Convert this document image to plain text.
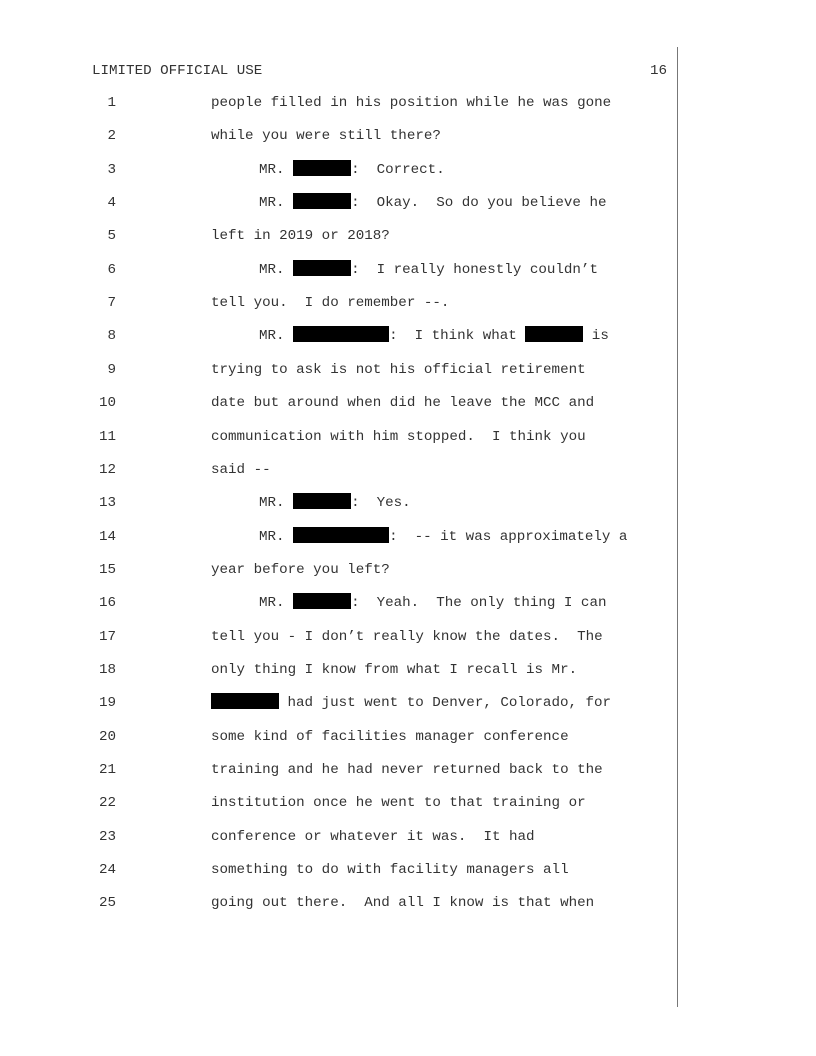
LIMITED OFFICIAL USE	16
1	people filled in his position while he was gone
2	while you were still there?
3	MR.	:  Correct.
4	MR.	:  Okay.  So do you believe he
5	left in 2019 or 2018?
6	MR.	:  I really honestly couldn’t
7	tell you.  I do remember --.
8	MR.	:  I think what	is
9	trying to ask is not his official retirement
10	date but around when did he leave the MCC and
11	communication with him stopped.  I think you
12	said --
13	MR.	:  Yes.
14	MR.	:  -- it was approximately a
15	year before you left?
16	MR.	:  Yeah.  The only thing I can
17	tell you - I don’t really know the dates.  The
18	only thing I know from what I recall is Mr.
19	had just went to Denver, Colorado, for
20	some kind of facilities manager conference
21	training and he had never returned back to the
22	institution once he went to that training or
23	conference or whatever it was.  It had
24	something to do with facility managers all
25	going out there.  And all I know is that when
